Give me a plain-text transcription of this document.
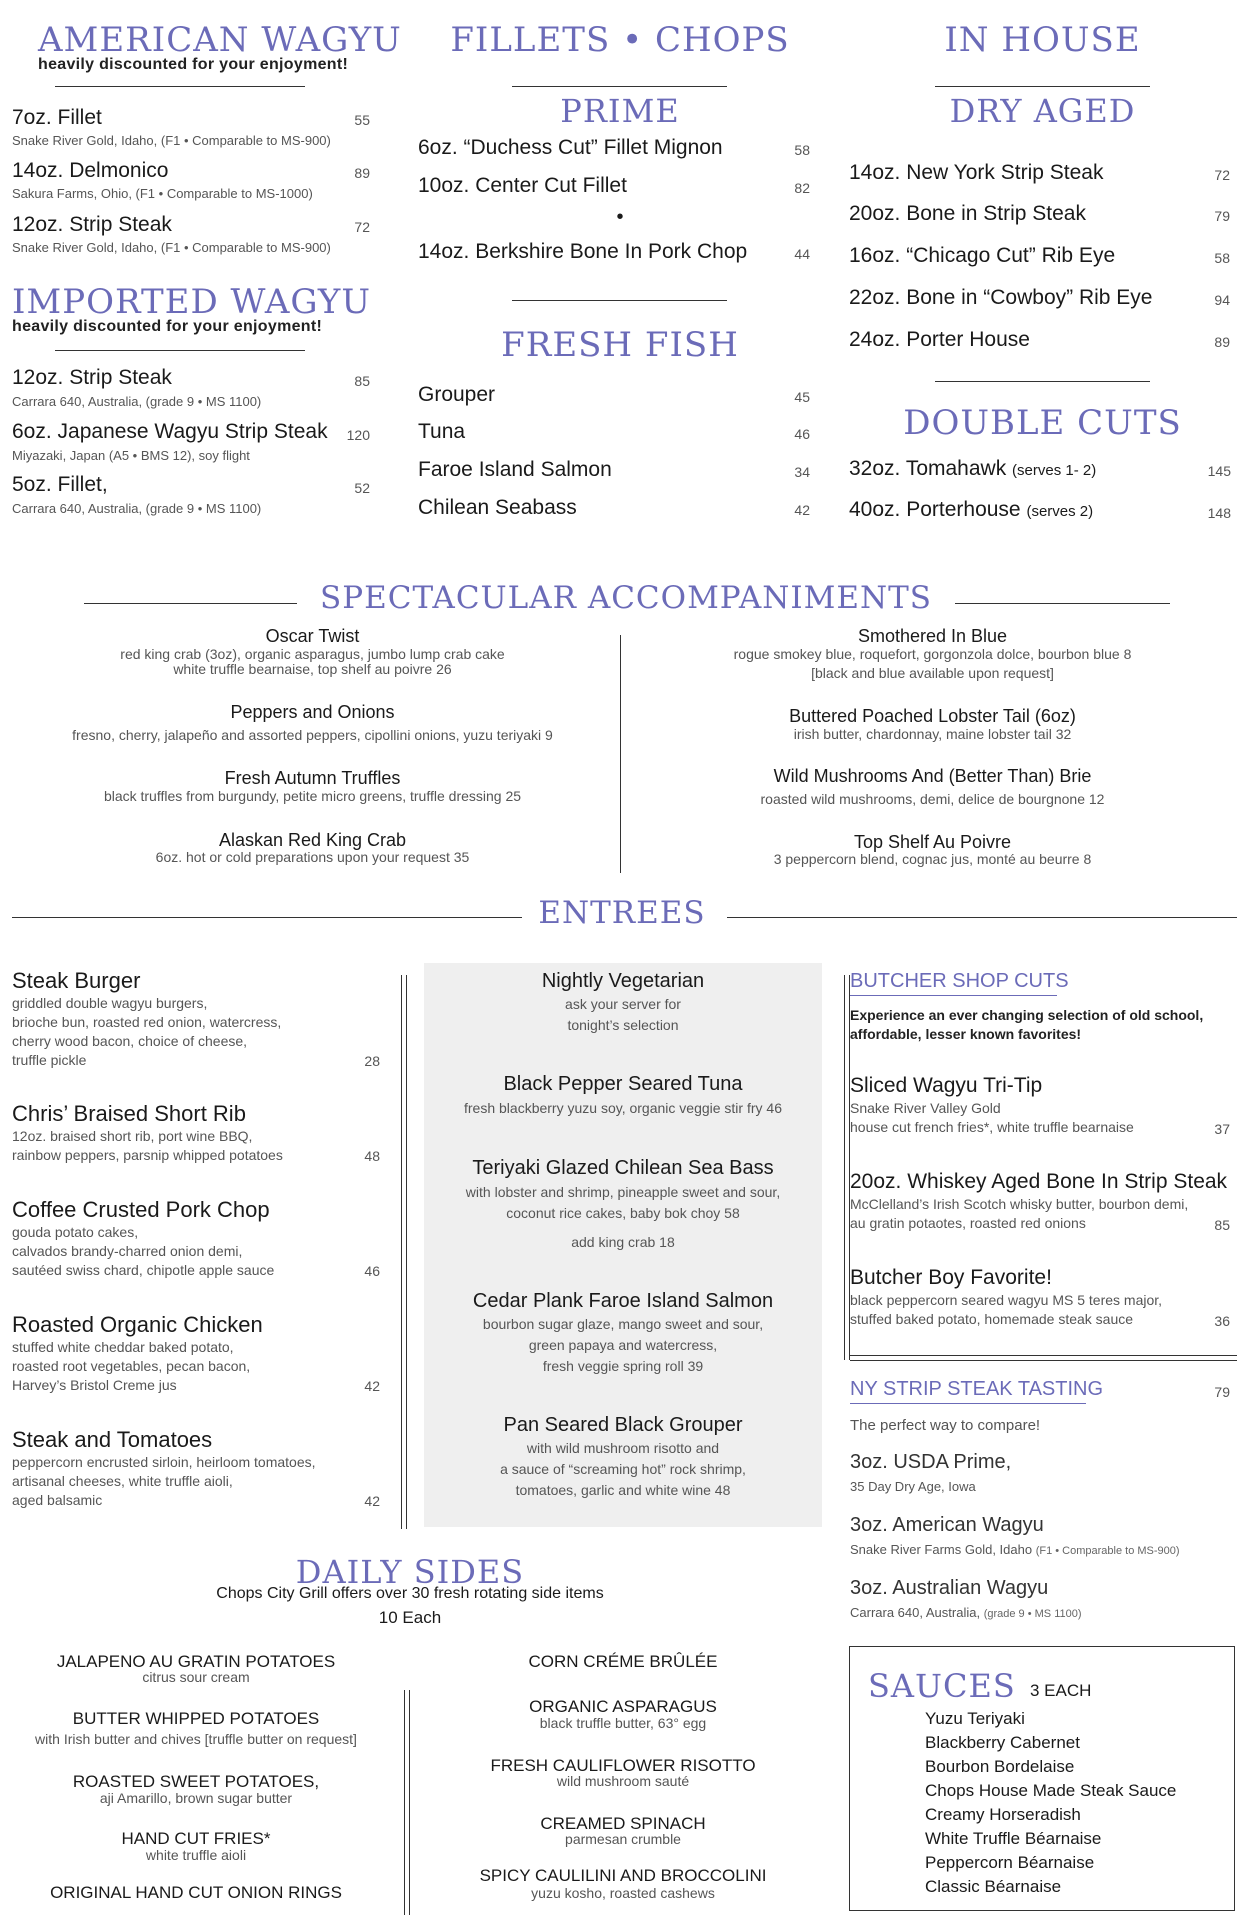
AMERICAN WAGYU
heavily discounted for your enjoyment!
7oz. Fillet
Snake River Gold, Idaho, (F1 • Comparable to MS-900)
55
14oz. Delmonico
Sakura Farms, Ohio, (F1 • Comparable to MS-1000)
89
12oz. Strip Steak
Snake River Gold, Idaho, (F1 • Comparable to MS-900)
72
IMPORTED WAGYU
heavily discounted for your enjoyment!
12oz. Strip Steak
Carrara 640, Australia, (grade 9 • MS 1100)
85
6oz. Japanese Wagyu Strip Steak
Miyazaki, Japan (A5 • BMS 12), soy flight
120
5oz. Fillet,
Carrara 640, Australia, (grade 9 • MS 1100)
52
FILLETS • CHOPS
PRIME
6oz. “Duchess Cut” Fillet Mignon	58
10oz. Center Cut Fillet	82
•
14oz. Berkshire Bone In Pork Chop	44
FRESH FISH
Grouper	45
Tuna	46
Faroe Island Salmon	34
Chilean Seabass	42
IN HOUSE
DRY AGED
14oz. New York Strip Steak	72
20oz. Bone in Strip Steak	79
16oz. “Chicago Cut” Rib Eye	58
22oz. Bone in “Cowboy” Rib Eye	94
24oz. Porter House	89
DOUBLE CUTS
32oz. Tomahawk (serves 1- 2)	145
40oz. Porterhouse (serves 2)	148
SPECTACULAR ACCOMPANIMENTS
Oscar Twist
red king crab (3oz), organic asparagus, jumbo lump crab cake
white truffle bearnaise, top shelf au poivre 26
Peppers and Onions
fresno, cherry, jalapeño and assorted peppers, cipollini onions, yuzu teriyaki 9
Fresh Autumn Truffles
black truffles from burgundy, petite micro greens, truffle dressing 25
Alaskan Red King Crab
6oz. hot or cold preparations upon your request 35
Smothered In Blue
rogue smokey blue, roquefort, gorgonzola dolce, bourbon blue 8
[black and blue available upon request]
Buttered Poached Lobster Tail (6oz)
irish butter, chardonnay, maine lobster tail 32
Wild Mushrooms And (Better Than) Brie
roasted wild mushrooms, demi, delice de bourgnone 12
Top Shelf Au Poivre
3 peppercorn blend, cognac jus, monté au beurre 8
ENTREES
Steak Burger
griddled double wagyu burgers,
brioche bun, roasted red onion, watercress,
cherry wood bacon, choice of cheese,
truffle pickle	28
Chris’ Braised Short Rib
12oz. braised short rib, port wine BBQ,
rainbow peppers, parsnip whipped potatoes	48
Coffee Crusted Pork Chop
gouda potato cakes,
calvados brandy-charred onion demi,
sautéed swiss chard, chipotle apple sauce	46
Roasted Organic Chicken
stuffed white cheddar baked potato,
roasted root vegetables, pecan bacon,
Harvey’s Bristol Creme jus	42
Steak and Tomatoes
peppercorn encrusted sirloin, heirloom tomatoes,
artisanal cheeses, white truffle aioli,
aged balsamic	42
Nightly Vegetarian
ask your server for
tonight’s selection
Black Pepper Seared Tuna
fresh blackberry yuzu soy, organic veggie stir fry 46
Teriyaki Glazed Chilean Sea Bass
with lobster and shrimp, pineapple sweet and sour,
coconut rice cakes, baby bok choy 58
add king crab 18
Cedar Plank Faroe Island Salmon
bourbon sugar glaze, mango sweet and sour,
green papaya and watercress,
fresh veggie spring roll 39
Pan Seared Black Grouper
with wild mushroom risotto and
a sauce of “screaming hot” rock shrimp,
tomatoes, garlic and white wine 48
BUTCHER SHOP CUTS
Experience an ever changing selection of old school,
affordable, lesser known favorites!
Sliced Wagyu Tri-Tip
Snake River Valley Gold
house cut french fries*, white truffle bearnaise	37
20oz. Whiskey Aged Bone In Strip Steak
McClelland’s Irish Scotch whisky butter, bourbon demi,
au gratin potaotes, roasted red onions	85
Butcher Boy Favorite!
black peppercorn seared wagyu MS 5 teres major,
stuffed baked potato, homemade steak sauce	36
NY STRIP STEAK TASTING	79
The perfect way to compare!
3oz. USDA Prime,
35 Day Dry Age, Iowa
3oz. American Wagyu
Snake River Farms Gold, Idaho (F1 • Comparable to MS-900)
3oz. Australian Wagyu
Carrara 640, Australia, (grade 9 • MS 1100)
SAUCES 3 EACH
Yuzu Teriyaki
Blackberry Cabernet
Bourbon Bordelaise
Chops House Made Steak Sauce
Creamy Horseradish
White Truffle Béarnaise
Peppercorn Béarnaise
Classic Béarnaise
DAILY SIDES
Chops City Grill offers over 30 fresh rotating side items
10 Each
JALAPENO AU GRATIN POTATOES
citrus sour cream
BUTTER WHIPPED POTATOES
with Irish butter and chives [truffle butter on request]
ROASTED SWEET POTATOES,
aji Amarillo, brown sugar butter
HAND CUT FRIES*
white truffle aioli
ORIGINAL HAND CUT ONION RINGS
CORN CRÉME BRÛLÉE
ORGANIC ASPARAGUS
black truffle butter, 63° egg
FRESH CAULIFLOWER RISOTTO
wild mushroom sauté
CREAMED SPINACH
parmesan crumble
SPICY CAULILINI AND BROCCOLINI
yuzu kosho, roasted cashews
